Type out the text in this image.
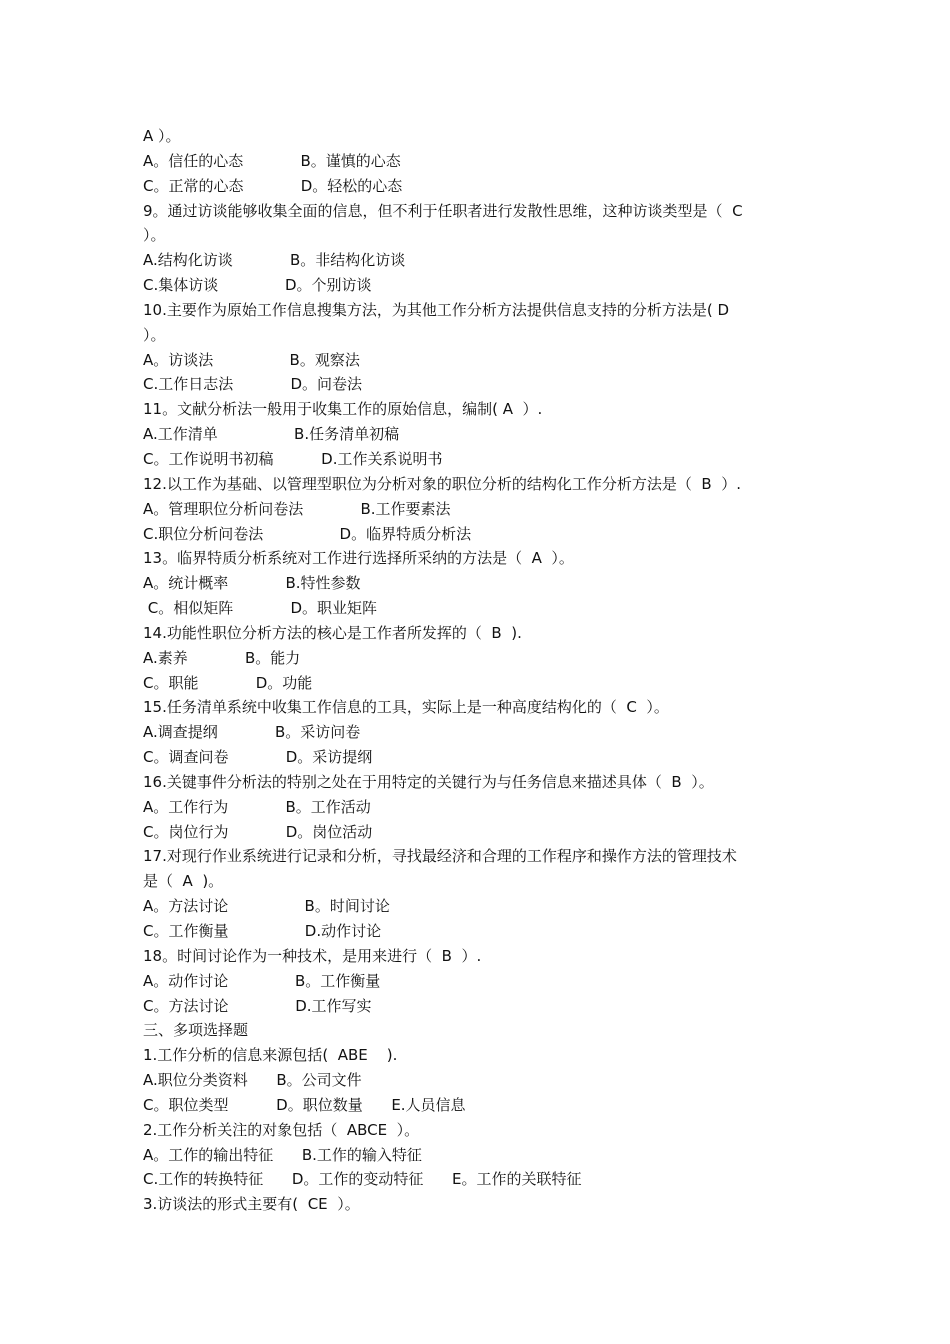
A ）。
A。信任的心态            B。谨慎的心态
C。正常的心态            D。轻松的心态
9。通过访谈能够收集全面的信息，但不利于任职者进行发散性思维，这种访谈类型是（  C
）。
A.结构化访谈            B。非结构化访谈
C.集体访谈              D。个别访谈
10.主要作为原始工作信息搜集方法，为其他工作分析方法提供信息支持的分析方法是( D
）。
A。访谈法                B。观察法
C.工作日志法            D。问卷法
11。文献分析法一般用于收集工作的原始信息，编制( A  ）.
A.工作清单                B.任务清单初稿
C。工作说明书初稿          D.工作关系说明书
12.以工作为基础、以管理型职位为分析对象的职位分析的结构化工作分析方法是（  B  ）.
A。管理职位分析问卷法            B.工作要素法
C.职位分析问卷法                D。临界特质分析法
13。临界特质分析系统对工作进行选择所采纳的方法是（  A  ）。
A。统计概率            B.特性参数
C。相似矩阵            D。职业矩阵
14.功能性职位分析方法的核心是工作者所发挥的（  B  ).
A.素养            B。能力
C。职能            D。功能
15.任务清单系统中收集工作信息的工具，实际上是一种高度结构化的（  C  ）。
A.调查提纲            B。采访问卷
C。调查问卷            D。采访提纲
16.关键事件分析法的特别之处在于用特定的关键行为与任务信息来描述具体（  B  ）。
A。工作行为            B。工作活动
C。岗位行为            D。岗位活动
17.对现行作业系统进行记录和分析，寻找最经济和合理的工作程序和操作方法的管理技术
是（  A  )。
A。方法讨论                B。时间讨论
C。工作衡量                D.动作讨论
18。时间讨论作为一种技术，是用来进行（  B  ）.
A。动作讨论              B。工作衡量
C。方法讨论              D.工作写实
三、多项选择题
1.工作分析的信息来源包括(  ABE    ).
A.职位分类资料      B。公司文件
C。职位类型          D。职位数量      E.人员信息
2.工作分析关注的对象包括（  ABCE  ）。
A。工作的输出特征      B.工作的输入特征
C.工作的转换特征      D。工作的变动特征      E。工作的关联特征
3.访谈法的形式主要有(  CE  ）。
